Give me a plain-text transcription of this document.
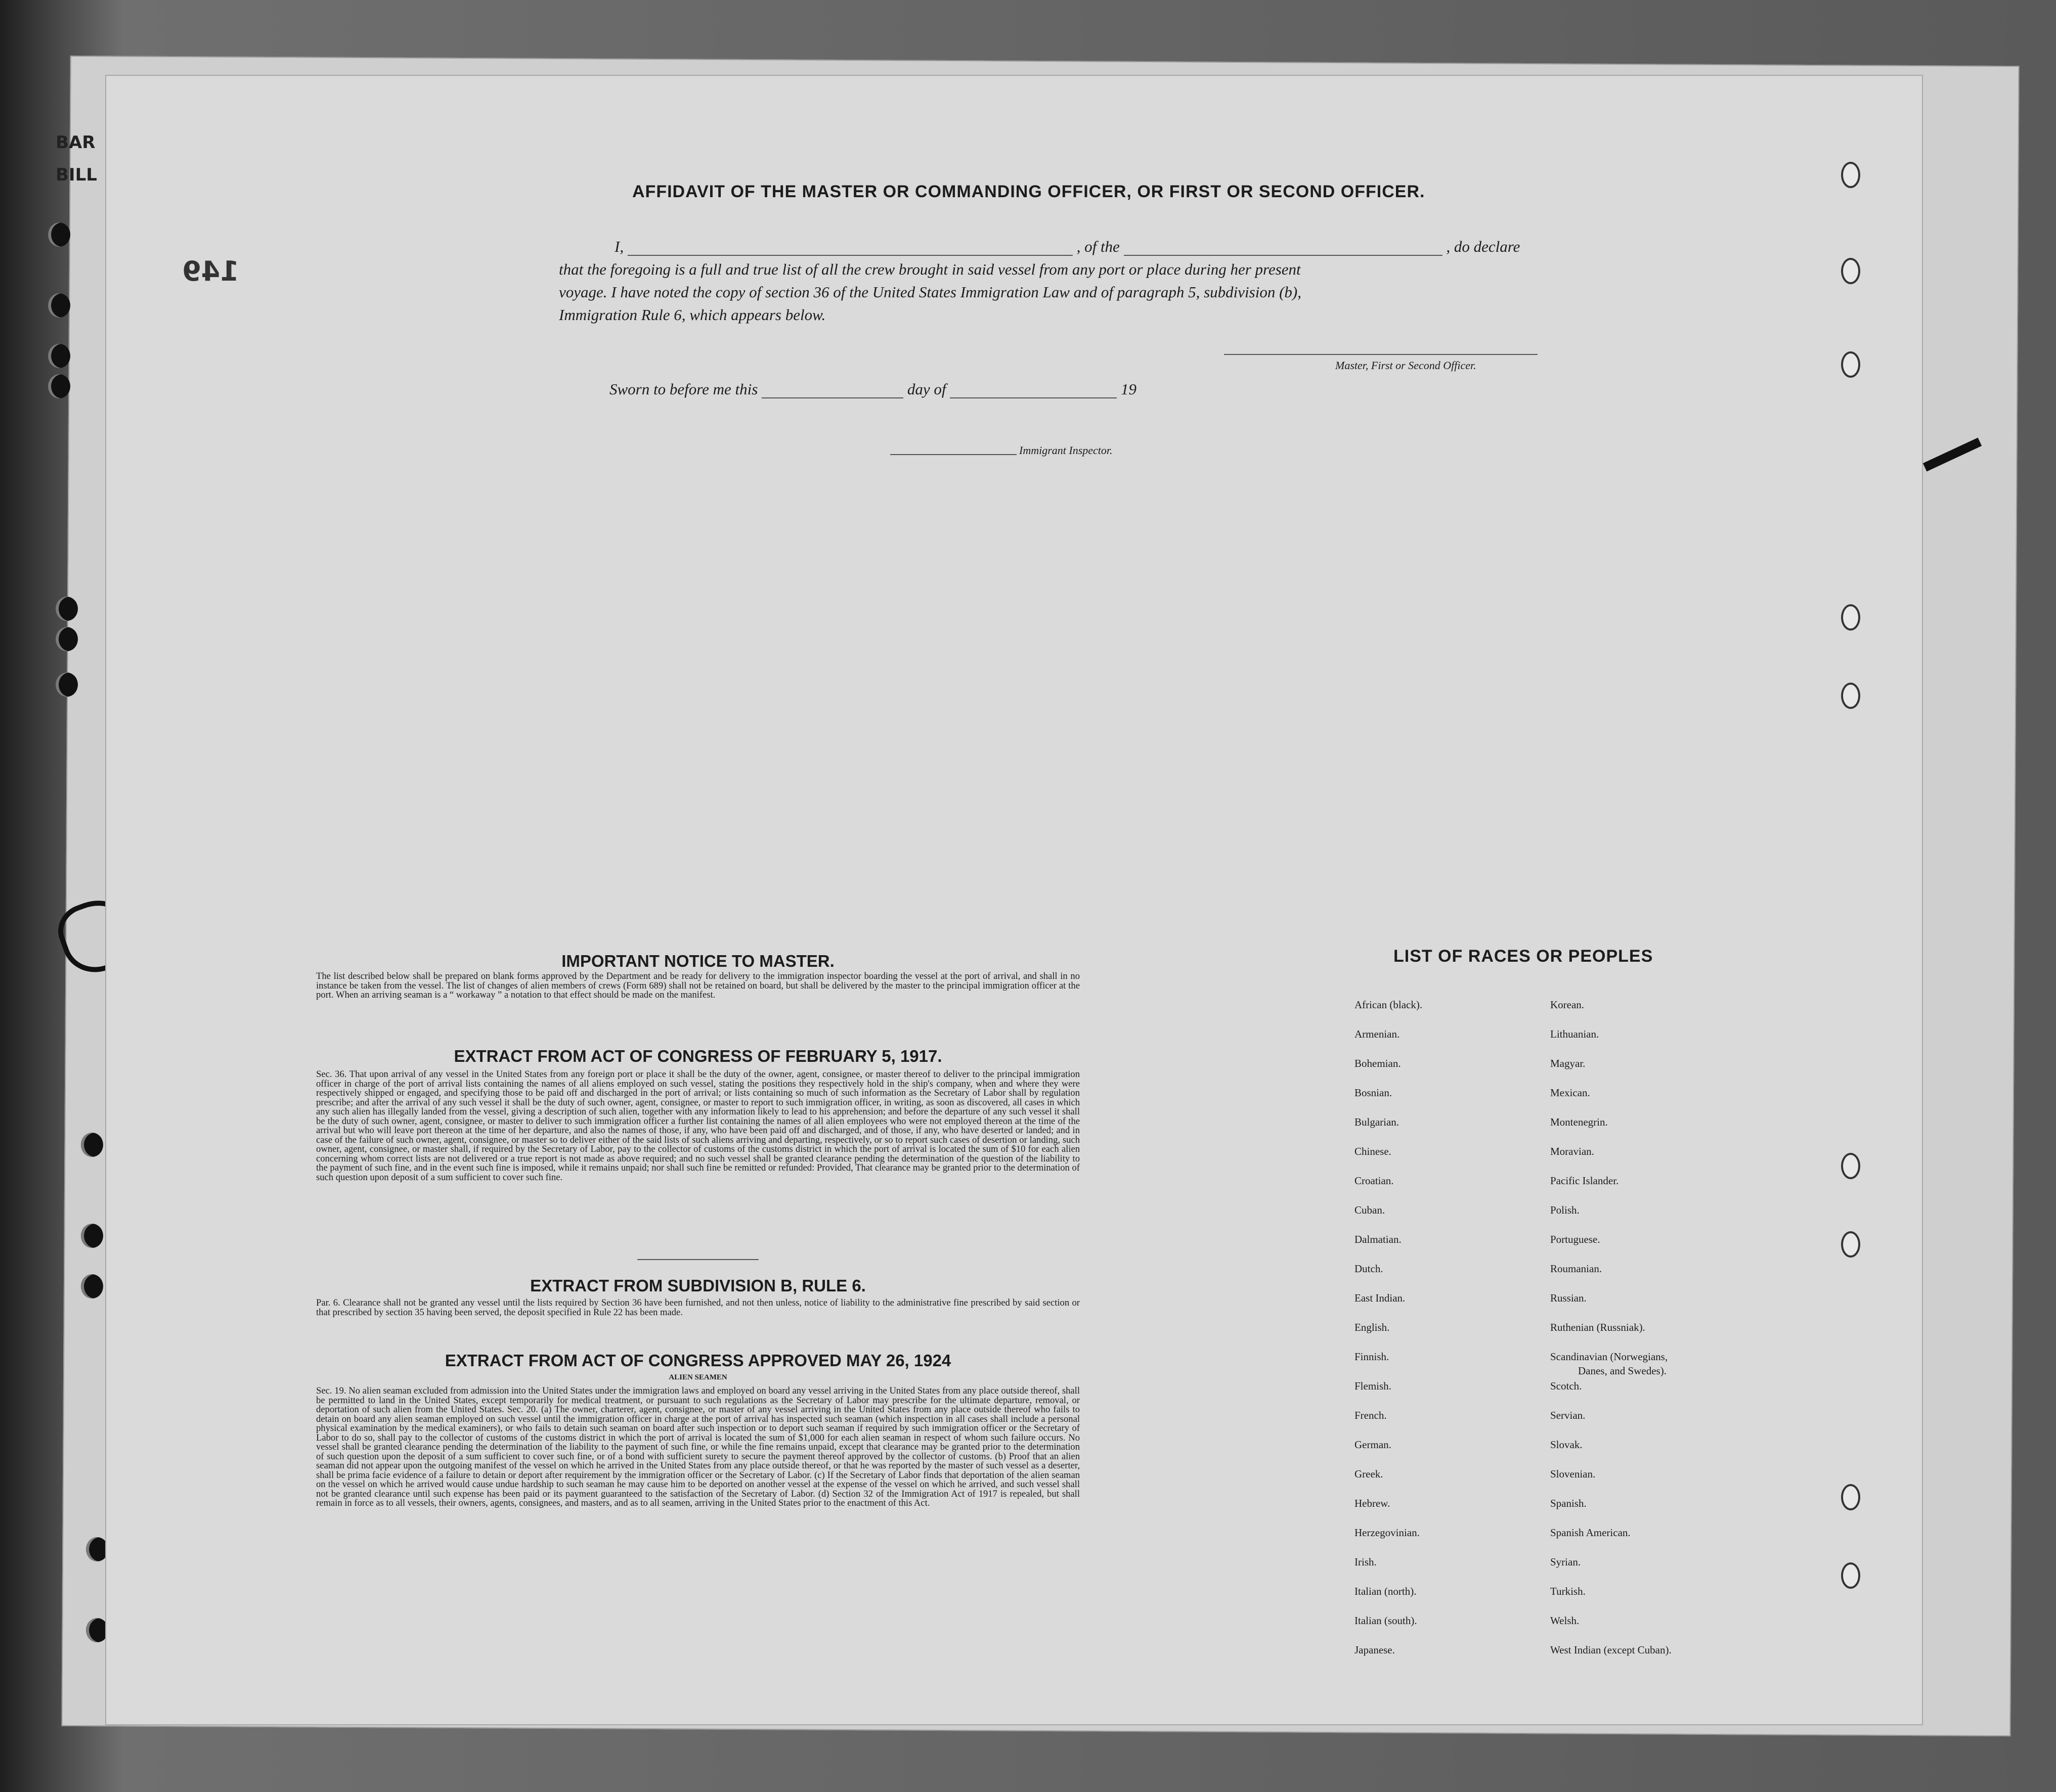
BAR
BILL
149
AFFIDAVIT OF THE MASTER OR COMMANDING OFFICER, OR FIRST OR SECOND OFFICER.
I,	, of the	, do declare
that the foregoing is a full and true list of all the crew brought in said vessel from any port or place during her present
voyage. I have noted the copy of section 36 of the United States Immigration Law and of paragraph 5, subdivision (b),
Immigration Rule 6, which appears below.
Master, First or Second Officer.
Sworn to before me this	day of	19
Immigrant Inspector.
IMPORTANT NOTICE TO MASTER.
The list described below shall be prepared on blank forms approved by the Department and be ready for delivery to the immigration inspector boarding the vessel at the port of arrival, and shall in no instance be taken from the vessel. The list of changes of alien members of crews (Form 689) shall not be retained on board, but shall be delivered by the master to the principal immigration officer at the port. When an arriving seaman is a “ workaway ” a notation to that effect should be made on the manifest.
EXTRACT FROM ACT OF CONGRESS OF FEBRUARY 5, 1917.
Sec. 36. That upon arrival of any vessel in the United States from any foreign port or place it shall be the duty of the owner, agent, consignee, or master thereof to deliver to the principal immigration officer in charge of the port of arrival lists containing the names of all aliens employed on such vessel, stating the positions they respectively hold in the ship's company, when and where they were respectively shipped or engaged, and specifying those to be paid off and discharged in the port of arrival; or lists containing so much of such information as the Secretary of Labor shall by regulation prescribe; and after the arrival of any such vessel it shall be the duty of such owner, agent, consignee, or master to report to such immigration officer, in writing, as soon as discovered, all cases in which any such alien has illegally landed from the vessel, giving a description of such alien, together with any information likely to lead to his apprehension; and before the departure of any such vessel it shall be the duty of such owner, agent, consignee, or master to deliver to such immigration officer a further list containing the names of all alien employees who were not employed thereon at the time of the arrival but who will leave port thereon at the time of her departure, and also the names of those, if any, who have been paid off and discharged, and of those, if any, who have deserted or landed; and in case of the failure of such owner, agent, consignee, or master so to deliver either of the said lists of such aliens arriving and departing, respectively, or so to report such cases of desertion or landing, such owner, agent, consignee, or master shall, if required by the Secretary of Labor, pay to the collector of customs of the customs district in which the port of arrival is located the sum of $10 for each alien concerning whom correct lists are not delivered or a true report is not made as above required; and no such vessel shall be granted clearance pending the determination of the question of the liability to the payment of such fine, and in the event such fine is imposed, while it remains unpaid; nor shall such fine be remitted or refunded: Provided, That clearance may be granted prior to the determination of such question upon deposit of a sum sufficient to cover such fine.
EXTRACT FROM SUBDIVISION B, RULE 6.
Par. 6. Clearance shall not be granted any vessel until the lists required by Section 36 have been furnished, and not then unless, notice of liability to the administrative fine prescribed by said section or that prescribed by section 35 having been served, the deposit specified in Rule 22 has been made.
EXTRACT FROM ACT OF CONGRESS APPROVED MAY 26, 1924
ALIEN SEAMEN
Sec. 19. No alien seaman excluded from admission into the United States under the immigration laws and employed on board any vessel arriving in the United States from any place outside thereof, shall be permitted to land in the United States, except temporarily for medical treatment, or pursuant to such regulations as the Secretary of Labor may prescribe for the ultimate departure, removal, or deportation of such alien from the United States. Sec. 20. (a) The owner, charterer, agent, consignee, or master of any vessel arriving in the United States from any place outside thereof who fails to detain on board any alien seaman employed on such vessel until the immigration officer in charge at the port of arrival has inspected such seaman (which inspection in all cases shall include a personal physical examination by the medical examiners), or who fails to detain such seaman on board after such inspection or to deport such seaman if required by such immigration officer or the Secretary of Labor to do so, shall pay to the collector of customs of the customs district in which the port of arrival is located the sum of $1,000 for each alien seaman in respect of whom such failure occurs. No vessel shall be granted clearance pending the determination of the liability to the payment of such fine, or while the fine remains unpaid, except that clearance may be granted prior to the determination of such question upon the deposit of a sum sufficient to cover such fine, or of a bond with sufficient surety to secure the payment thereof approved by the collector of customs. (b) Proof that an alien seaman did not appear upon the outgoing manifest of the vessel on which he arrived in the United States from any place outside thereof, or that he was reported by the master of such vessel as a deserter, shall be prima facie evidence of a failure to detain or deport after requirement by the immigration officer or the Secretary of Labor. (c) If the Secretary of Labor finds that deportation of the alien seaman on the vessel on which he arrived would cause undue hardship to such seaman he may cause him to be deported on another vessel at the expense of the vessel on which he arrived, and such vessel shall not be granted clearance until such expense has been paid or its payment guaranteed to the satisfaction of the Secretary of Labor. (d) Section 32 of the Immigration Act of 1917 is repealed, but shall remain in force as to all vessels, their owners, agents, consignees, and masters, and as to all seamen, arriving in the United States prior to the enactment of this Act.
LIST OF RACES OR PEOPLES
African (black).
Armenian.
Bohemian.
Bosnian.
Bulgarian.
Chinese.
Croatian.
Cuban.
Dalmatian.
Dutch.
East Indian.
English.
Finnish.
Flemish.
French.
German.
Greek.
Hebrew.
Herzegovinian.
Irish.
Italian (north).
Italian (south).
Japanese.
Korean.
Lithuanian.
Magyar.
Mexican.
Montenegrin.
Moravian.
Pacific Islander.
Polish.
Portuguese.
Roumanian.
Russian.
Ruthenian (Russniak).
Scandinavian (Norwegians,
Danes, and Swedes).
Scotch.
Servian.
Slovak.
Slovenian.
Spanish.
Spanish American.
Syrian.
Turkish.
Welsh.
West Indian (except Cuban).
